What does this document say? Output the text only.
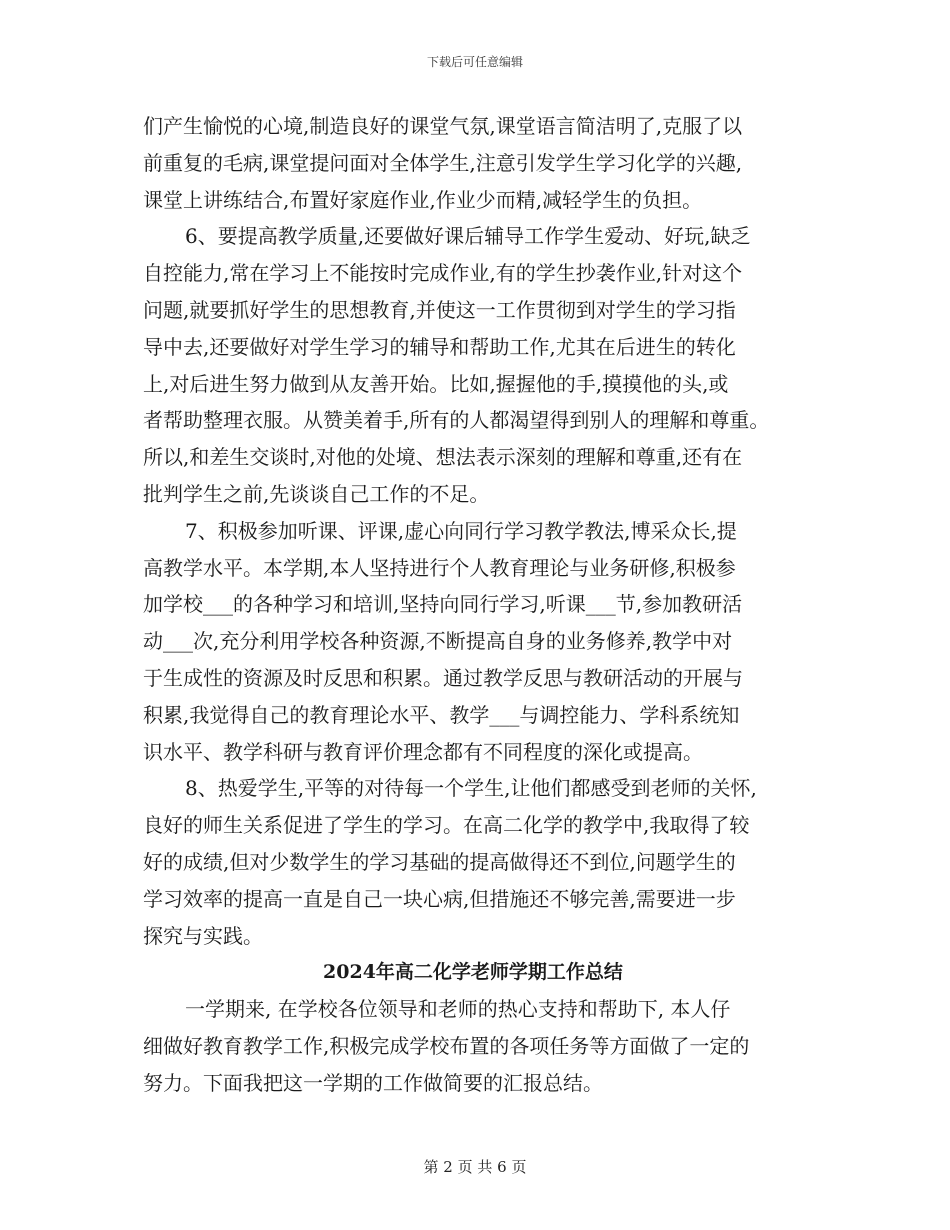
下载后可任意编辑
们产生愉悦的心境,制造良好的课堂气氛,课堂语言简洁明了,克服了以
前重复的毛病,课堂提问面对全体学生,注意引发学生学习化学的兴趣,
课堂上讲练结合,布置好家庭作业,作业少而精,减轻学生的负担。
6、要提高教学质量,还要做好课后辅导工作学生爱动、好玩,缺乏
自控能力,常在学习上不能按时完成作业,有的学生抄袭作业,针对这个
问题,就要抓好学生的思想教育,并使这一工作贯彻到对学生的学习指
导中去,还要做好对学生学习的辅导和帮助工作,尤其在后进生的转化
上,对后进生努力做到从友善开始。比如,握握他的手,摸摸他的头,或
者帮助整理衣服。从赞美着手,所有的人都渴望得到别人的理解和尊重。
所以,和差生交谈时,对他的处境、想法表示深刻的理解和尊重,还有在
批判学生之前,先谈谈自己工作的不足。
7、积极参加听课、评课,虚心向同行学习教学教法,博采众长,提
高教学水平。本学期,本人坚持进行个人教育理论与业务研修,积极参
加学校___的各种学习和培训,坚持向同行学习,听课___节,参加教研活
动___次,充分利用学校各种资源,不断提高自身的业务修养,教学中对
于生成性的资源及时反思和积累。通过教学反思与教研活动的开展与
积累,我觉得自己的教育理论水平、教学___与调控能力、学科系统知
识水平、教学科研与教育评价理念都有不同程度的深化或提高。
8、热爱学生,平等的对待每一个学生,让他们都感受到老师的关怀,
良好的师生关系促进了学生的学习。在高二化学的教学中,我取得了较
好的成绩,但对少数学生的学习基础的提高做得还不到位,问题学生的
学习效率的提高一直是自己一块心病,但措施还不够完善,需要进一步
探究与实践。
2024年高二化学老师学期工作总结
一学期来, 在学校各位领导和老师的热心支持和帮助下, 本人仔
细做好教育教学工作,积极完成学校布置的各项任务等方面做了一定的
努力。下面我把这一学期的工作做简要的汇报总结。
第 2 页 共 6 页
